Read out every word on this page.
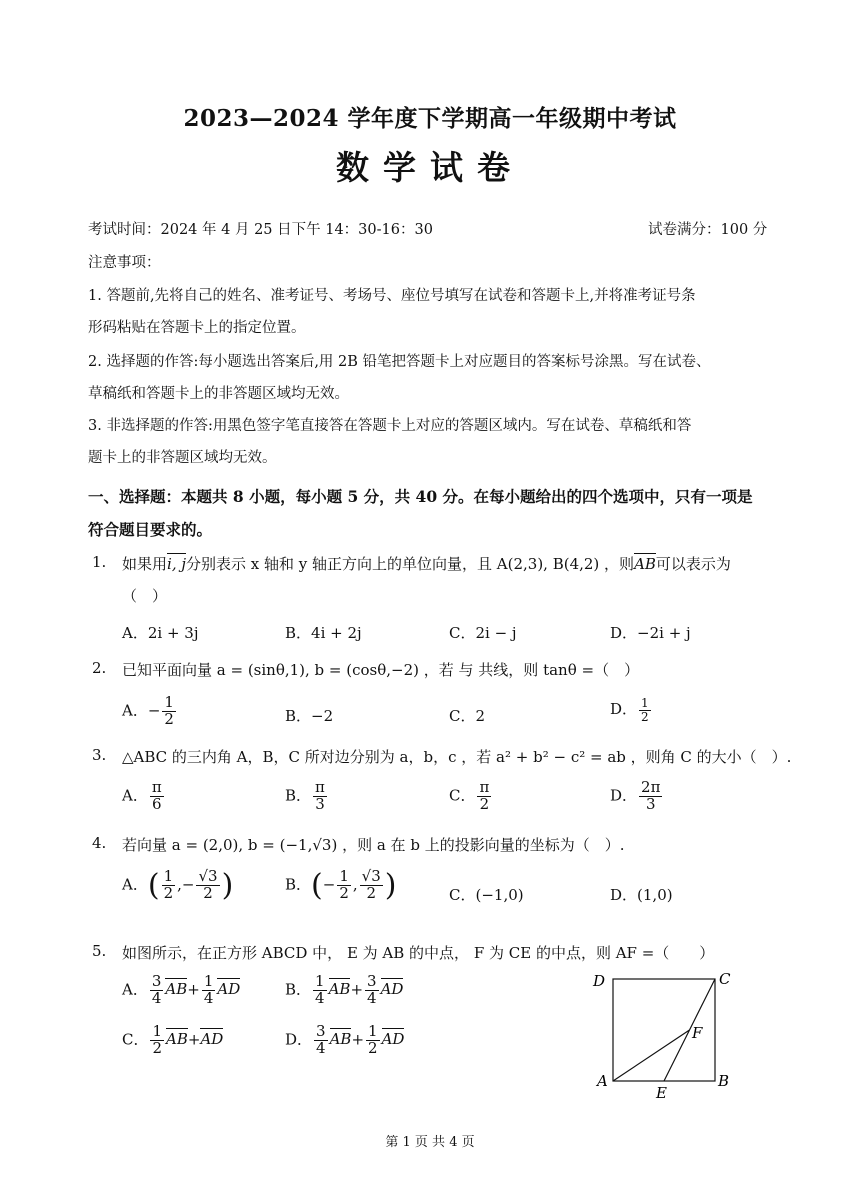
2023—2024 学年度下学期高一年级期中考试
数学试卷
考试时间：2024 年 4 月 25 日下午 14：30-16：30	试卷满分：100 分
注意事项：
1. 答题前,先将自己的姓名、准考证号、考场号、座位号填写在试卷和答题卡上,并将准考证号条
形码粘贴在答题卡上的指定位置。
2. 选择题的作答:每小题选出答案后,用 2B 铅笔把答题卡上对应题目的答案标号涂黑。写在试卷、
草稿纸和答题卡上的非答题区域均无效。
3. 非选择题的作答:用黑色签字笔直接答在答题卡上对应的答题区域内。写在试卷、草稿纸和答
题卡上的非答题区域均无效。
一、选择题：本题共 8 小题，每小题 5 分，共 40 分。在每小题给出的四个选项中，只有一项是
符合题目要求的。
1. 如果用i, j分别表示 x 轴和 y 轴正方向上的单位向量，且 A(2,3), B(4,2) ，则AB可以表示为
（　）
A．2i + 3j	B．4i + 2j	C．2i − j	D．−2i + j
2. 已知平面向量 a = (sinθ,1), b = (cosθ,−2) ，若 与 共线，则 tanθ =（　）
A．− $\frac{1}{2}$	B．−2	C．2	D． $\frac{1}{2}$
3. △ABC 的三内角 A，B，C 所对边分别为 a，b，c ，若 a² + b² − c² = ab ，则角 C 的大小（　）.
A． $\frac{\pi}{6}$	B． $\frac{\pi}{3}$	C． $\frac{\pi}{2}$	D． $\frac{2\pi}{3}$
4. 若向量 a = (2,0), b = (−1,√3) ，则 a 在 b 上的投影向量的坐标为（　）.
A．( $\frac{1}{2}$ ,− $\frac{√3}{2}$ )	B．(− $\frac{1}{2}$ , $\frac{√3}{2}$ )	C．(−1,0)	D．(1,0)
5. 如图所示，在正方形 ABCD 中， E 为 AB 的中点， F 为 CE 的中点，则 AF =（　　）
A． $\frac{3}{4} AB+ \frac{1}{4}$ AD	B． $\frac{1}{4} AB+ \frac{3}{4}$ AD
C． $\frac{1}{2} AB+AD$	D． $\frac{3}{4} AB+ \frac{1}{2}$ AD
D	C
F
A	B
E
第 1 页 共 4 页
